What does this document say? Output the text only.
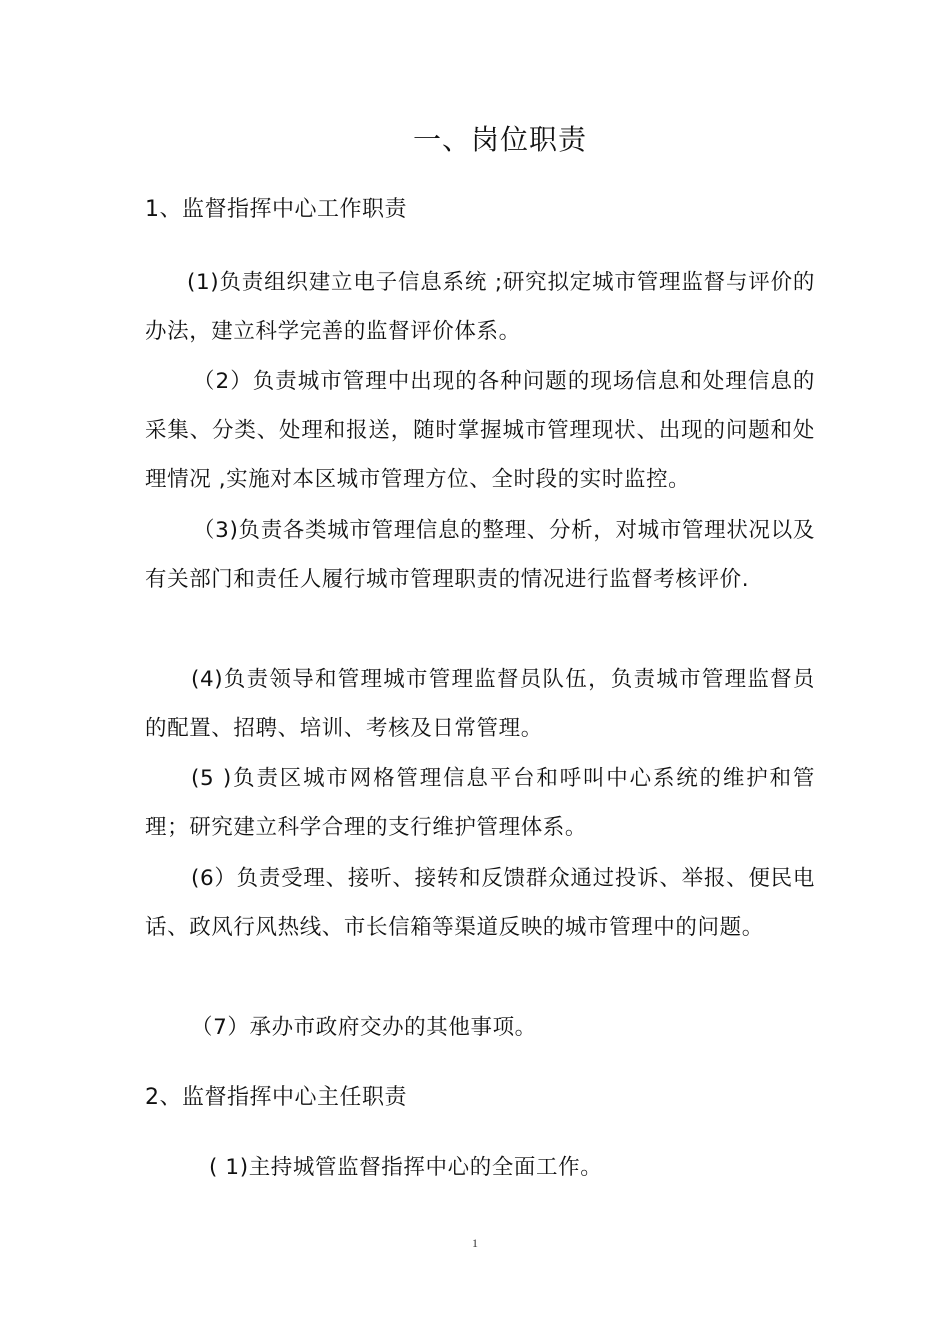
一、岗位职责
1、监督指挥中心工作职责
(1)负责组织建立电子信息系统 ;研究拟定城市管理监督与评价的办法，建立科学完善的监督评价体系。
（2）负责城市管理中出现的各种问题的现场信息和处理信息的采集、分类、处理和报送，随时掌握城市管理现状、出现的问题和处理情况 ,实施对本区城市管理方位、全时段的实时监控。
（3)负责各类城市管理信息的整理、分析，对城市管理状况以及有关部门和责任人履行城市管理职责的情况进行监督考核评价.
(4)负责领导和管理城市管理监督员队伍，负责城市管理监督员的配置、招聘、培训、考核及日常管理。
(5 )负责区城市网格管理信息平台和呼叫中心系统的维护和管理；研究建立科学合理的支行维护管理体系。
(6）负责受理、接听、接转和反馈群众通过投诉、举报、便民电话、政风行风热线、市长信箱等渠道反映的城市管理中的问题。
（7）承办市政府交办的其他事项。
2、监督指挥中心主任职责
( 1)主持城管监督指挥中心的全面工作。
1
